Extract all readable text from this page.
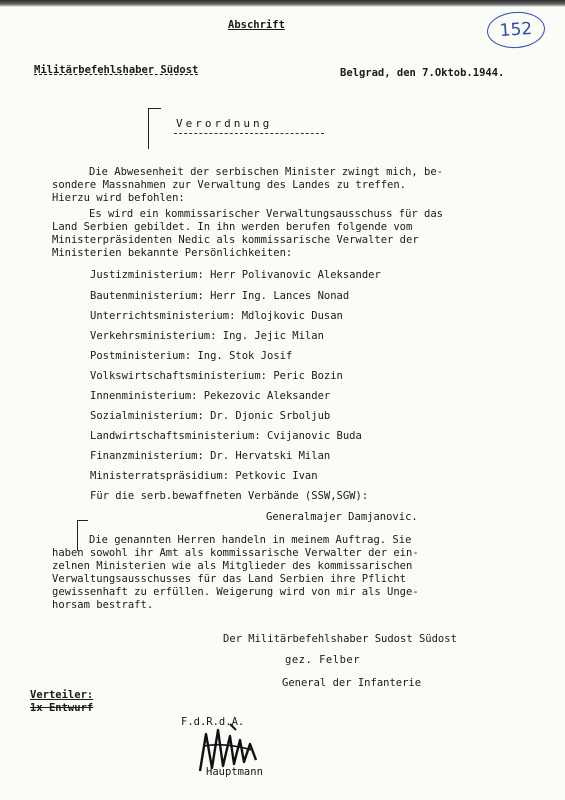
Abschrift	152
Militärbefehlshaber Südost	Belgrad, den 7.Oktob.1944.
Verordnung
Die Abwesenheit der serbischen Minister zwingt mich, be-
sondere Massnahmen zur Verwaltung des Landes zu treffen.
Hierzu wird befohlen:
Es wird ein kommissarischer Verwaltungsausschuss für das
Land Serbien gebildet. In ihn werden berufen folgende vom
Ministerpräsidenten Nedic als kommissarische Verwalter der
Ministerien bekannte Persönlichkeiten:
Justizministerium: Herr Polivanovic Aleksander
Bautenministerium: Herr Ing. Lances Nonad
Unterrichtsministerium: Mdlojkovic Dusan
Verkehrsministerium: Ing. Jejic Milan
Postministerium: Ing. Stok Josif
Volkswirtschaftsministerium: Peric Bozin
Innenministerium: Pekezovic Aleksander
Sozialministerium: Dr. Djonic Srboljub
Landwirtschaftsministerium: Cvijanovic Buda
Finanzministerium: Dr. Hervatski Milan
Ministerratspräsidium: Petkovic Ivan
Für die serb.bewaffneten Verbände (SSW,SGW):
Generalmajer Damjanovic.
Die genannten Herren handeln in meinem Auftrag. Sie
haben sowohl ihr Amt als kommissarische Verwalter der ein-
zelnen Ministerien wie als Mitglieder des kommissarischen
Verwaltungsausschusses für das Land Serbien ihre Pflicht
gewissenhaft zu erfüllen. Weigerung wird von mir als Unge-
horsam bestraft.
Der Militärbefehlshaber Sudost Südost
gez. Felber
General der Infanterie
Verteiler:
1x Entwurf
F.d.R.d.A.
Hauptmann
